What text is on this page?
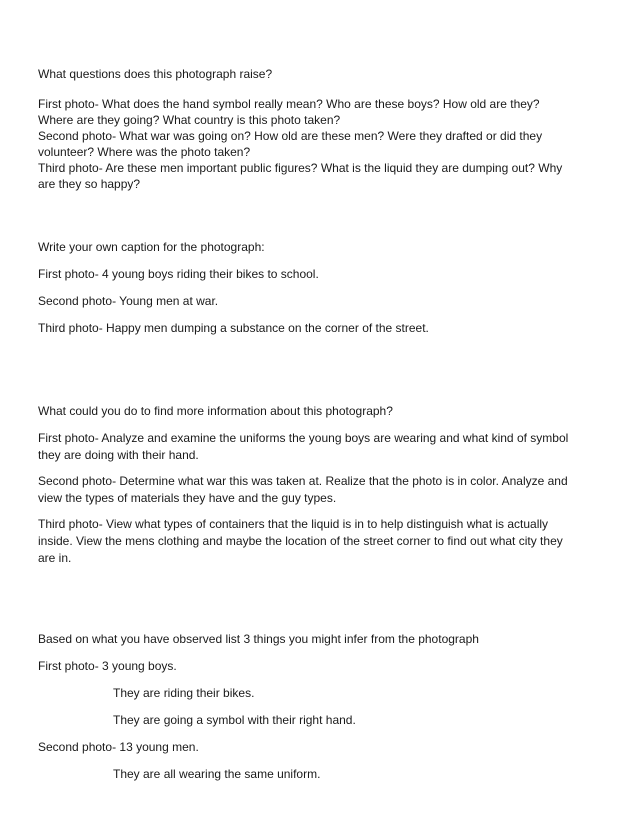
What questions does this photograph raise?
First photo- What does the hand symbol really mean? Who are these boys? How old are they?
Where are they going? What country is this photo taken?
Second photo- What war was going on? How old are these men? Were they drafted or did they
volunteer? Where was the photo taken?
Third photo- Are these men important public figures? What is the liquid they are dumping out? Why
are they so happy?
Write your own caption for the photograph:
First photo- 4 young boys riding their bikes to school.
Second photo- Young men at war.
Third photo- Happy men dumping a substance on the corner of the street.
What could you do to find more information about this photograph?
First photo- Analyze and examine the uniforms the young boys are wearing and what kind of symbol
they are doing with their hand.
Second photo- Determine what war this was taken at. Realize that the photo is in color. Analyze and
view the types of materials they have and the guy types.
Third photo- View what types of containers that the liquid is in to help distinguish what is actually
inside. View the mens clothing and maybe the location of the street corner to find out what city they
are in.
Based on what you have observed list 3 things you might infer from the photograph
First photo- 3 young boys.
They are riding their bikes.
They are going a symbol with their right hand.
Second photo- 13 young men.
They are all wearing the same uniform.
